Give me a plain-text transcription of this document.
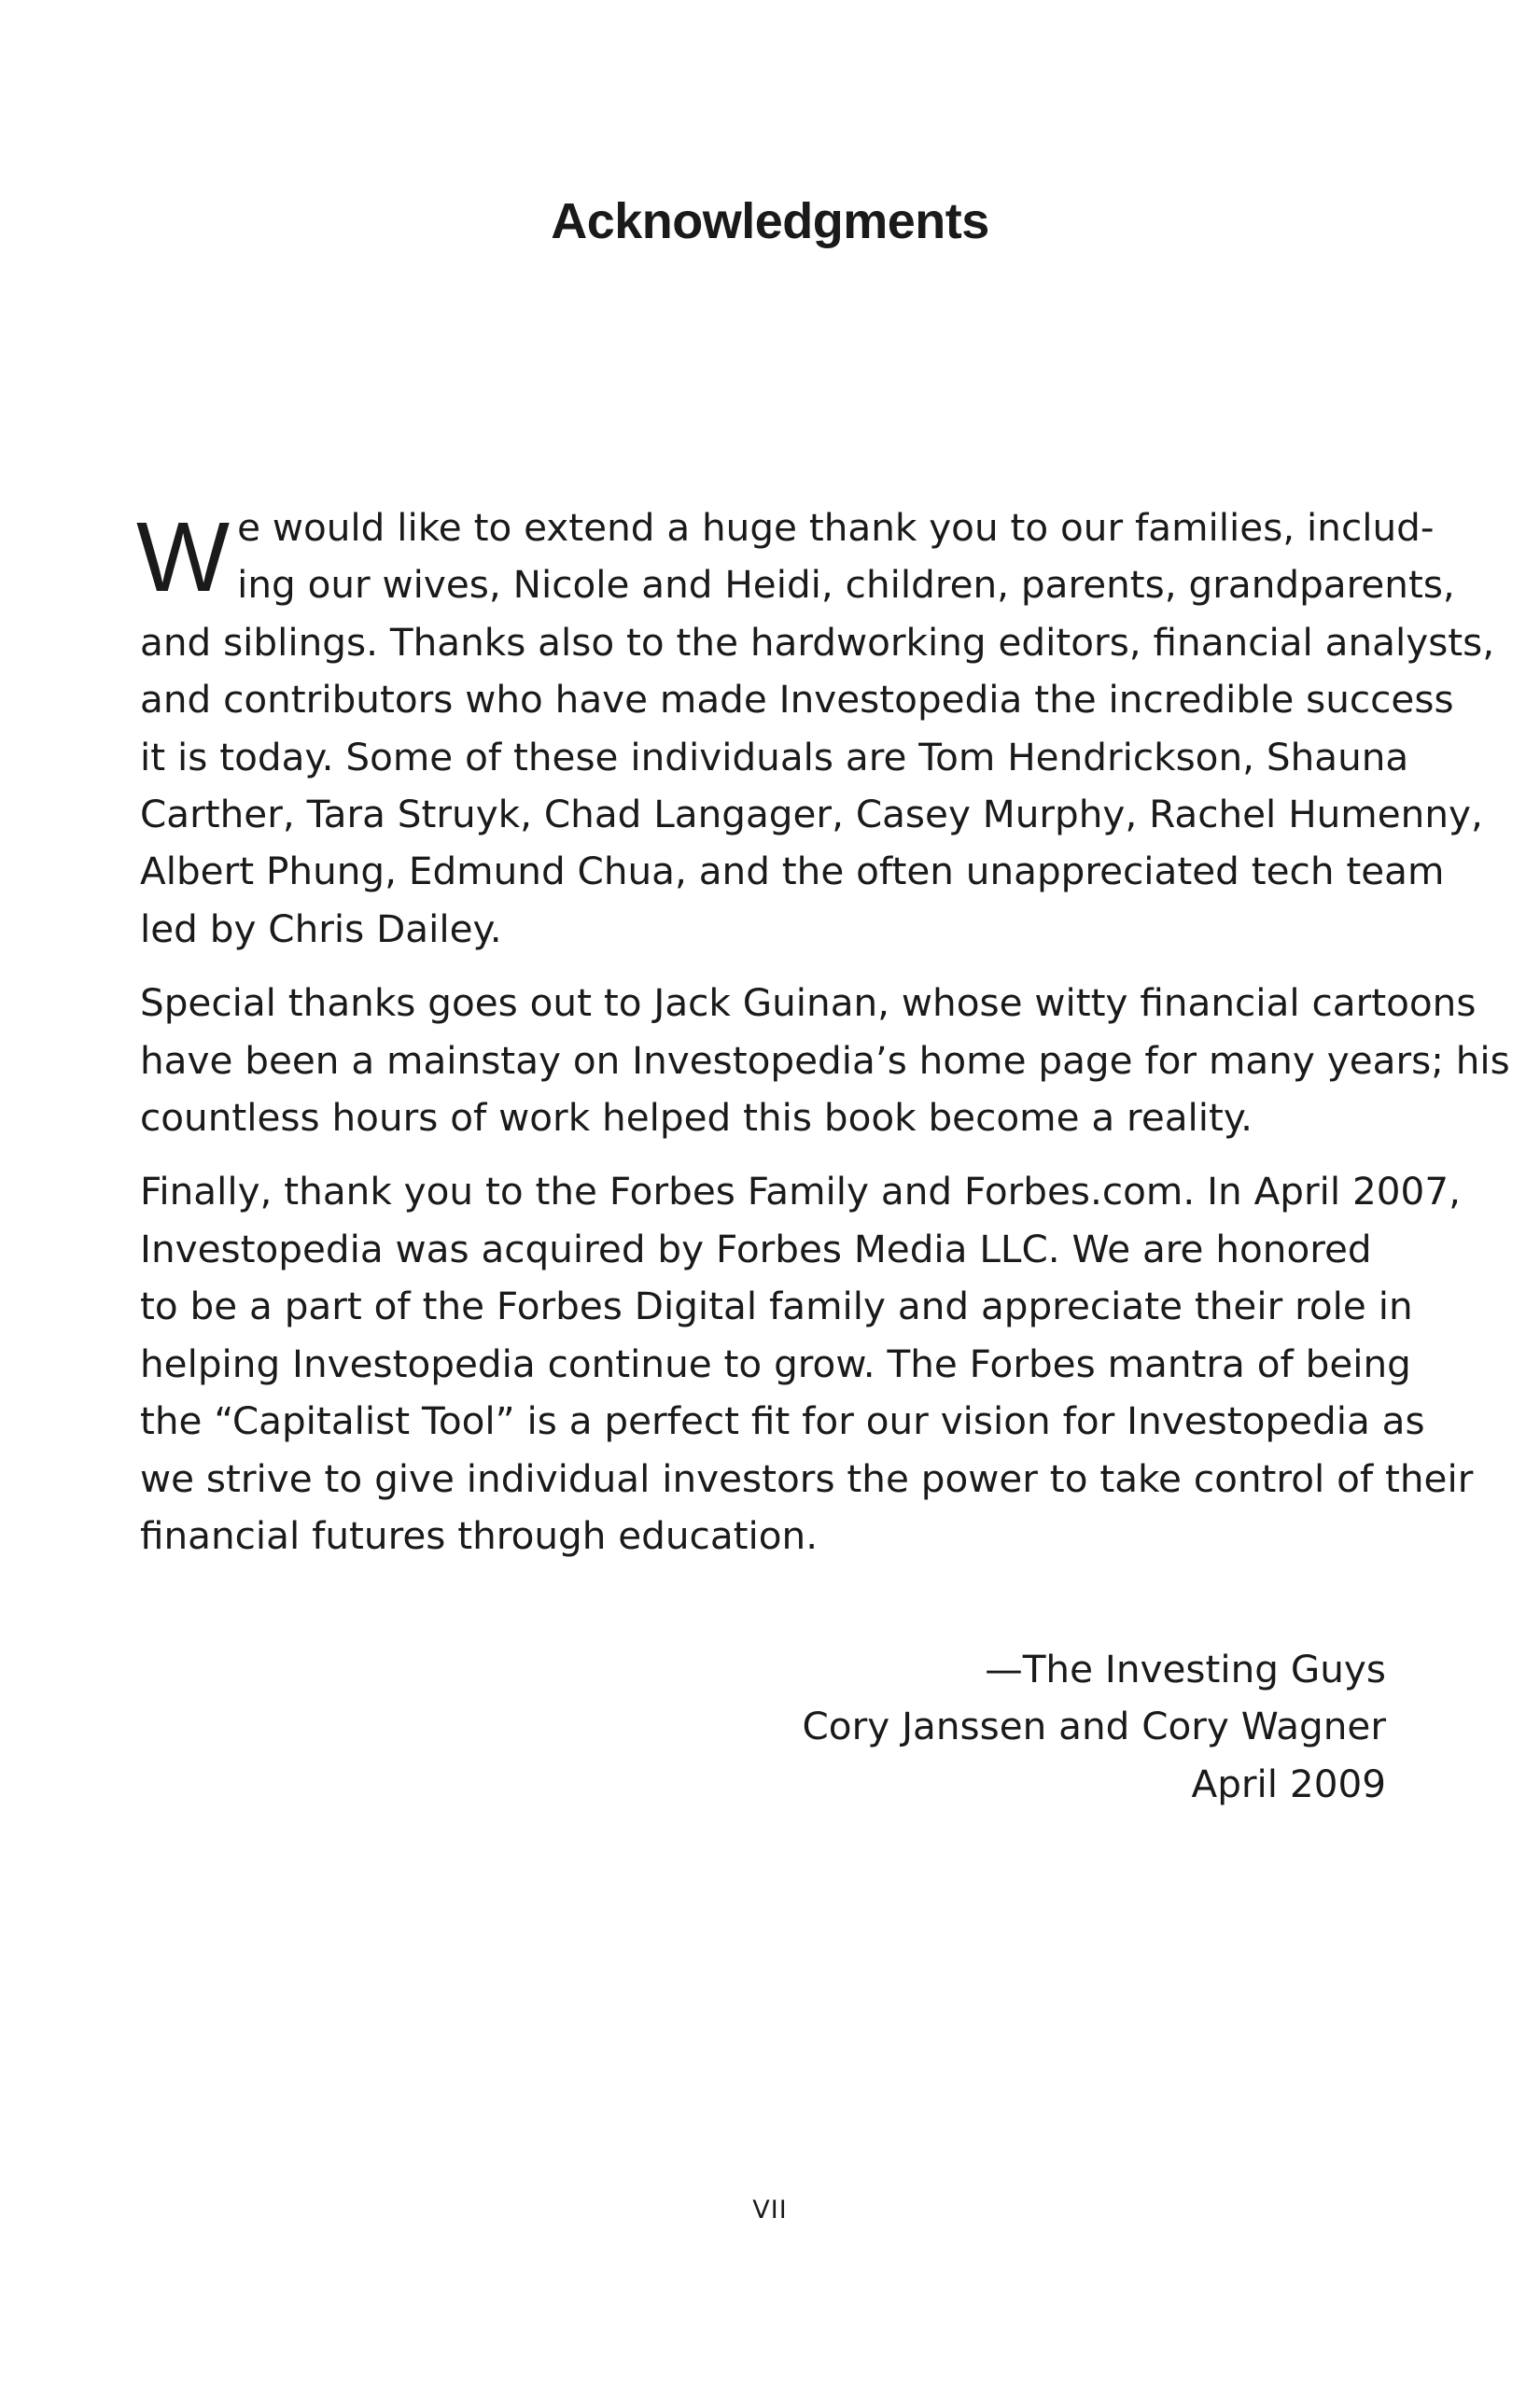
Acknowledgments

W e would like to extend a huge thank you to our families, includ-
ing our wives, Nicole and Heidi, children, parents, grandparents,
and siblings. Thanks also to the hardworking editors, financial analysts,
and contributors who have made Investopedia the incredible success
it is today. Some of these individuals are Tom Hendrickson, Shauna
Carther, Tara Struyk, Chad Langager, Casey Murphy, Rachel Humenny,
Albert Phung, Edmund Chua, and the often unappreciated tech team
led by Chris Dailey.

Special thanks goes out to Jack Guinan, whose witty financial cartoons
have been a mainstay on Investopedia’s home page for many years; his
countless hours of work helped this book become a reality.

Finally, thank you to the Forbes Family and Forbes.com. In April 2007,
Investopedia was acquired by Forbes Media LLC. We are honored
to be a part of the Forbes Digital family and appreciate their role in
helping Investopedia continue to grow. The Forbes mantra of being
the “Capitalist Tool” is a perfect fit for our vision for Investopedia as
we strive to give individual investors the power to take control of their
financial futures through education.

—The Investing Guys
Cory Janssen and Cory Wagner
April 2009
VII
